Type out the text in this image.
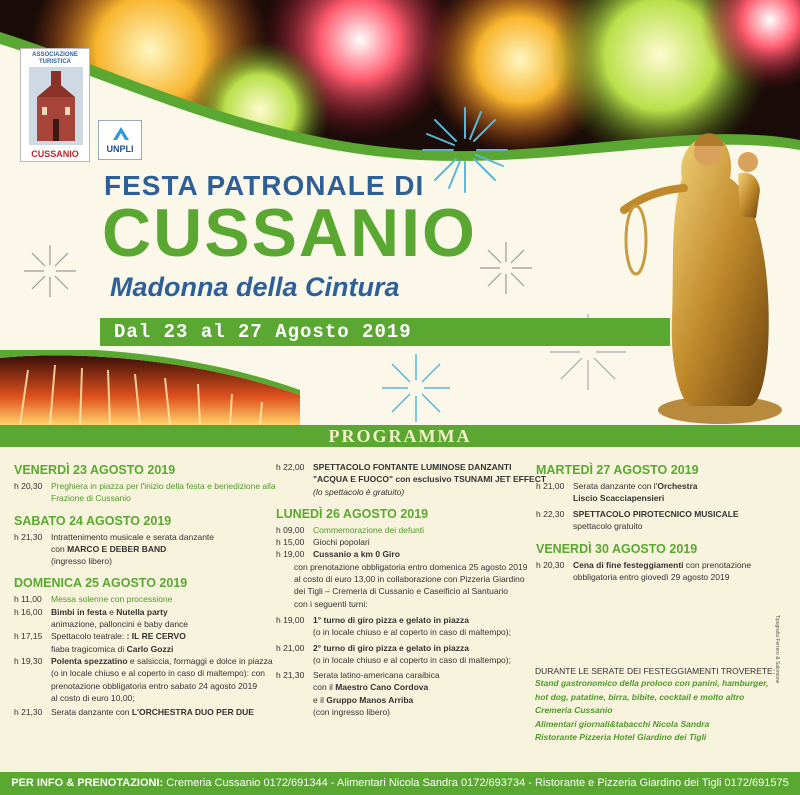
ASSOCIAZIONE TURISTICA
CUSSANIO	UNPLI
FESTA PATRONALE DI
CUSSANIO
Madonna della Cintura
Dal 23 al 27 Agosto 2019
PROGRAMMA
VENERDÌ 23 AGOSTO 2019
h 20,30 Preghiera in piazza per l'inizio della festa e benedizione alla
Frazione di Cussanio
SABATO 24 AGOSTO 2019
h 21,30 Intrattenimento musicale e serata danzante
con MARCO E DEBER BAND
(ingresso libero)
DOMENICA 25 AGOSTO 2019
h 11,00 Messa solenne con processione
h 16,00 Bimbi in festa e Nutella party
animazione, palloncini e baby dance
h 17,15 Spettacolo teatrale: : IL RE CERVO
fiaba tragicomica di Carlo Gozzi
h 19,30 Polenta spezzatino e salsiccia, formaggi e dolce in piazza
(o in locale chiuso e al coperto in caso di maltempo): con
prenotazione obbligatoria entro sabato 24 agosto 2019
al costo di euro 10,00;
h 21,30 Serata danzante con L'ORCHESTRA DUO PER DUE
h 22,00 SPETTACOLO FONTANTE LUMINOSE DANZANTI
"ACQUA E FUOCO" con esclusivo TSUNAMI JET EFFECT
(lo spettacolo è gratuito)
LUNEDÌ 26 AGOSTO 2019
h 09,00 Commemorazione dei defunti
h 15,00 Giochi popolari
h 19,00 Cussanio a km 0 Giro
con prenotazione obbligatoria entro domenica 25 agosto 2019
al costo di euro 13,00 in collaborazione con Pizzeria Giardino
dei Tigli – Cremeria di Cussanio e Caseificio al Santuario
con i seguenti turni:
h 19,00 1° turno di giro pizza e gelato in piazza
(o in locale chiuso e al coperto in caso di maltempo);
h 21,00 2° turno di giro pizza e gelato in piazza
(o in locale chiuso e al coperto in caso di maltempo);
h 21,30 Serata latino-americana caraibica
con il Maestro Cano Cordova
e il Gruppo Manos Arriba
(con ingresso libero)
MARTEDÌ 27 AGOSTO 2019
h 21,00 Serata danzante con l'Orchestra
Liscio Scacciapensieri
h 22,30 SPETTACOLO PIROTECNICO MUSICALE
spettacolo gratuito
VENERDÌ 30 AGOSTO 2019
h 20,30 Cena di fine festeggiamenti con prenotazione
obbligatoria entro giovedì 29 agosto 2019
DURANTE LE SERATE DEI FESTEGGIAMENTI TROVERETE:
Stand gastronomico della proloco con panini, hamburger,
hot dog, patatine, birra, bibite, cocktail e molto altro
Cremeria Cussanio
Alimentari giornali&tabacchi Nicola Sandra
Ristorante Pizzeria Hotel Giardino dei Tigli
Tipografia Ferrero & Salomone
PER INFO & PRENOTAZIONI: Cremeria Cussanio 0172/691344 - Alimentari Nicola Sandra 0172/693734 - Ristorante e Pizzeria Giardino dei Tigli 0172/691575
